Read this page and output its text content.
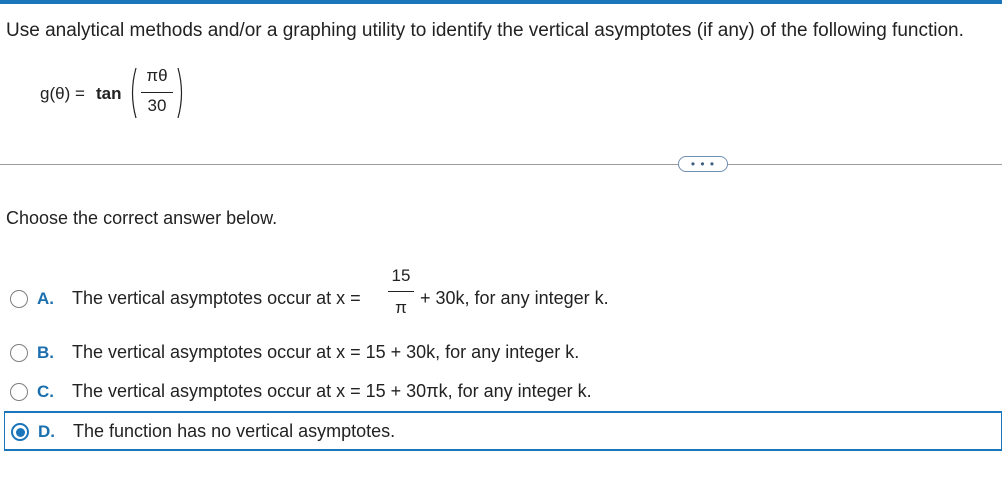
Use analytical methods and/or a graphing utility to identify the vertical asymptotes (if any) of the following function.
g(θ) = tan
πθ
30
• • •
Choose the correct answer below.
A. The vertical asymptotes occur at x =
15
π + 30k, for any integer k.
B. The vertical asymptotes occur at x = 15 + 30k, for any integer k.
C. The vertical asymptotes occur at x = 15 + 30πk, for any integer k.
D. The function has no vertical asymptotes.
